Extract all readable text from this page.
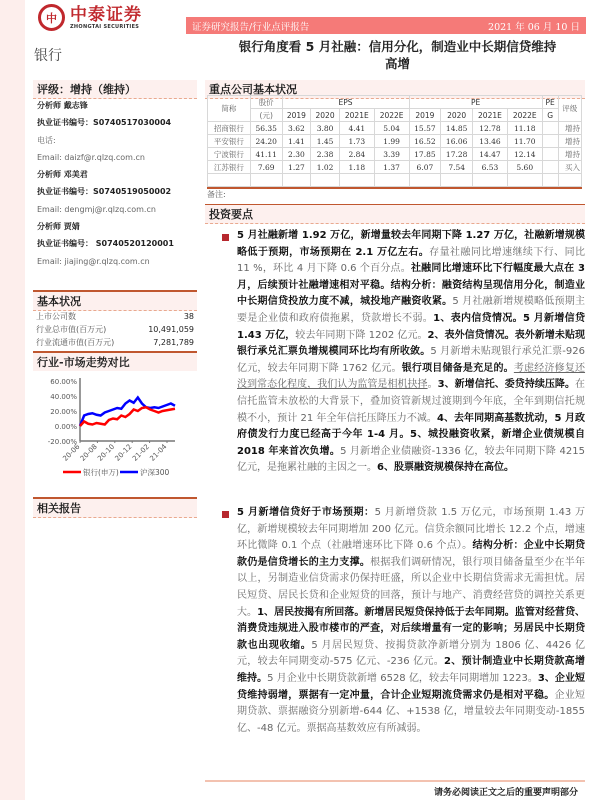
中 中泰证券
ZHONGTAI SECURITIES	证券研究报告/行业点评报告	2021 年 06 月 10 日
银行
银行角度看 5 月社融：信用分化，制造业中长期信贷维持高增
评级：增持（维持）
分析师 戴志锋
执业证书编号：S0740517030004
电话:
Email: daizf@r.qlzq.com.cn
分析师 邓美君
执业证书编号：S0740519050002
Email: dengmj@r.qlzq.com.cn
分析师 贾婧
执业证书编号： S0740520120001
Email: jiajing@r.qlzq.com.cn
基本状况
上市公司数	38
行业总市值(百万元)	10,491,059
行业流通市值(百万元)	7,281,789
行业-市场走势对比
60.00%
40.00%
20.00%
0.00%
-20.00%
20-06
20-08
20-10
20-12
21-02
21-04
银行(申万)	沪深300
相关报告
重点公司基本状况
简称	股价	EPS				PE				PE	评级
	(元)	2019	2020	2021E	2022E	2019	2020	2021E	2022E	G	
招商银行	56.35	3.62	3.80	4.41	5.04	15.57	14.85	12.78	11.18		增持
平安银行	24.20	1.41	1.45	1.73	1.99	16.52	16.06	13.46	11.70		增持
宁波银行	41.11	2.30	2.38	2.84	3.39	17.85	17.28	14.47	12.14		增持
江苏银行	7.69	1.27	1.02	1.18	1.37	6.07	7.54	6.53	5.60		买入

备注:
投资要点
5 月社融新增 1.92 万亿，新增量较去年同期下降 1.27 万亿，社融新增规模略低于预期，市场预期在 2.1 万亿左右。存量社融同比增速继续下行、同比 11 %，环比 4 月下降 0.6 个百分点。社融同比增速环比下行幅度最大点在 3 月，后续预计社融增速相对平稳。结构分析：融资结构呈现信用分化，制造业中长期信贷投放力度不减，城投地产融资收紧。5 月社融新增规模略低预期主要是企业债和政府债拖累，贷款增长不弱。1、表内信贷情况。5 月新增信贷 1.43 万亿，较去年同期下降 1202 亿元。2、表外信贷情况。表外新增未贴现银行承兑汇票负增规模同环比均有所收敛。5 月新增未贴现银行承兑汇票-926 亿元，较去年同期下降 1762 亿元。银行项目储备是充足的。考虑经济修复还没到常态化程度，我们认为监管是相机抉择。3、新增信托、委贷持续压降。在信托监管未放松的大背景下，叠加资管新规过渡期到今年底，全年到期信托规模不小，预计 21 年全年信托压降压力不减。4、去年同期高基数扰动，5 月政府债发行力度已经高于今年 1-4 月。5、城投融资收紧，新增企业债规模自 2018 年来首次负增。5 月新增企业债融资-1336 亿，较去年同期下降 4215 亿元，是拖累社融的主因之一。6、股票融资规模保持在高位。
5 月新增信贷好于市场预期：5 月新增贷款 1.5 万亿元，市场预期 1.43 万亿，新增规模较去年同期增加 200 亿元。信贷余额同比增长 12.2 个点，增速环比微降 0.1 个点（社融增速环比下降 0.6 个点）。结构分析：企业中长期贷款仍是信贷增长的主力支撑。根据我们调研情况，银行项目储备量至少在半年以上，另制造业信贷需求仍保持旺盛，所以企业中长期信贷需求无需担忧。居民短贷、居民长贷和企业短贷的回落，预计与地产、消费经营贷的调控关系更大。1、居民按揭有所回落。新增居民短贷保持低于去年同期。监管对经营贷、消费贷违规进入股市楼市的严查，对后续增量有一定的影响；另居民中长期贷款也出现收缩。5 月居民短贷、按揭贷款净新增分别为 1806 亿、4426 亿元，较去年同期变动-575 亿元、-236 亿元。2、预计制造业中长期贷款高增维持。5 月企业中长期贷款新增 6528 亿，较去年同期增加 1223。3、企业短贷维持弱增，票据有一定冲量，合计企业短期流贷需求仍是相对平稳。企业短期贷款、票据融资分别新增-644 亿、+1538 亿，增量较去年同期变动-1855 亿、-48 亿元。票据高基数效应有所减弱。
请务必阅读正文之后的重要声明部分
